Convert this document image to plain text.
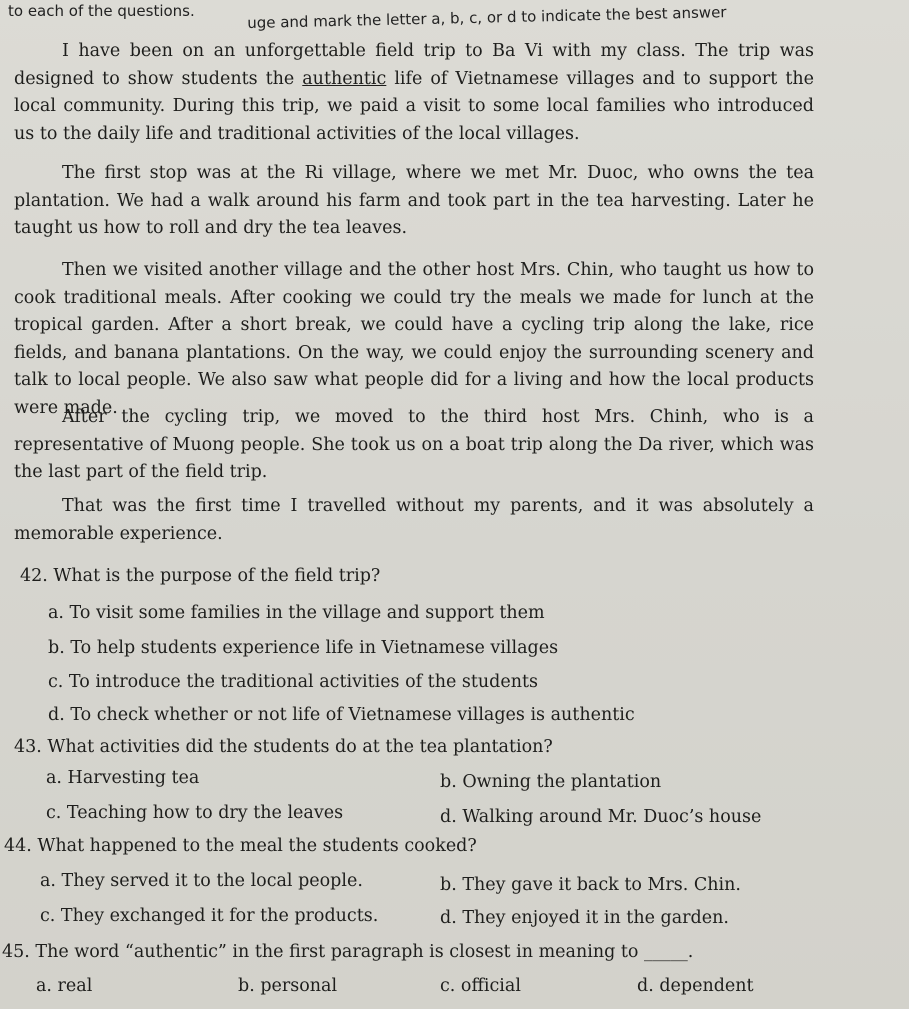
to each of the questions.	uge and mark the letter a, b, c, or d to indicate the best answer
I have been on an unforgettable field trip to Ba Vi with my class. The trip was designed to show students the authentic life of Vietnamese villages and to support the local community. During this trip, we paid a visit to some local families who introduced us to the daily life and traditional activities of the local villages.
The first stop was at the Ri village, where we met Mr. Duoc, who owns the tea plantation. We had a walk around his farm and took part in the tea harvesting. Later he taught us how to roll and dry the tea leaves.
Then we visited another village and the other host Mrs. Chin, who taught us how to cook traditional meals. After cooking we could try the meals we made for lunch at the tropical garden. After a short break, we could have a cycling trip along the lake, rice fields, and banana plantations. On the way, we could enjoy the surrounding scenery and talk to local people. We also saw what people did for a living and how the local products were made.
After the cycling trip, we moved to the third host Mrs. Chinh, who is a representative of Muong people. She took us on a boat trip along the Da river, which was the last part of the field trip.
That was the first time I travelled without my parents, and it was absolutely a memorable experience.
42. What is the purpose of the field trip?
a. To visit some families in the village and support them
b. To help students experience life in Vietnamese villages
c. To introduce the traditional activities of the students
d. To check whether or not life of Vietnamese villages is authentic
43. What activities did the students do at the tea plantation?
a. Harvesting tea	b. Owning the plantation
c. Teaching how to dry the leaves	d. Walking around Mr. Duoc’s house
44. What happened to the meal the students cooked?
a. They served it to the local people.	b. They gave it back to Mrs. Chin.
c. They exchanged it for the products.	d. They enjoyed it in the garden.
45. The word “authentic” in the first paragraph is closest in meaning to _____.
a. real	b. personal	c. official	d. dependent
